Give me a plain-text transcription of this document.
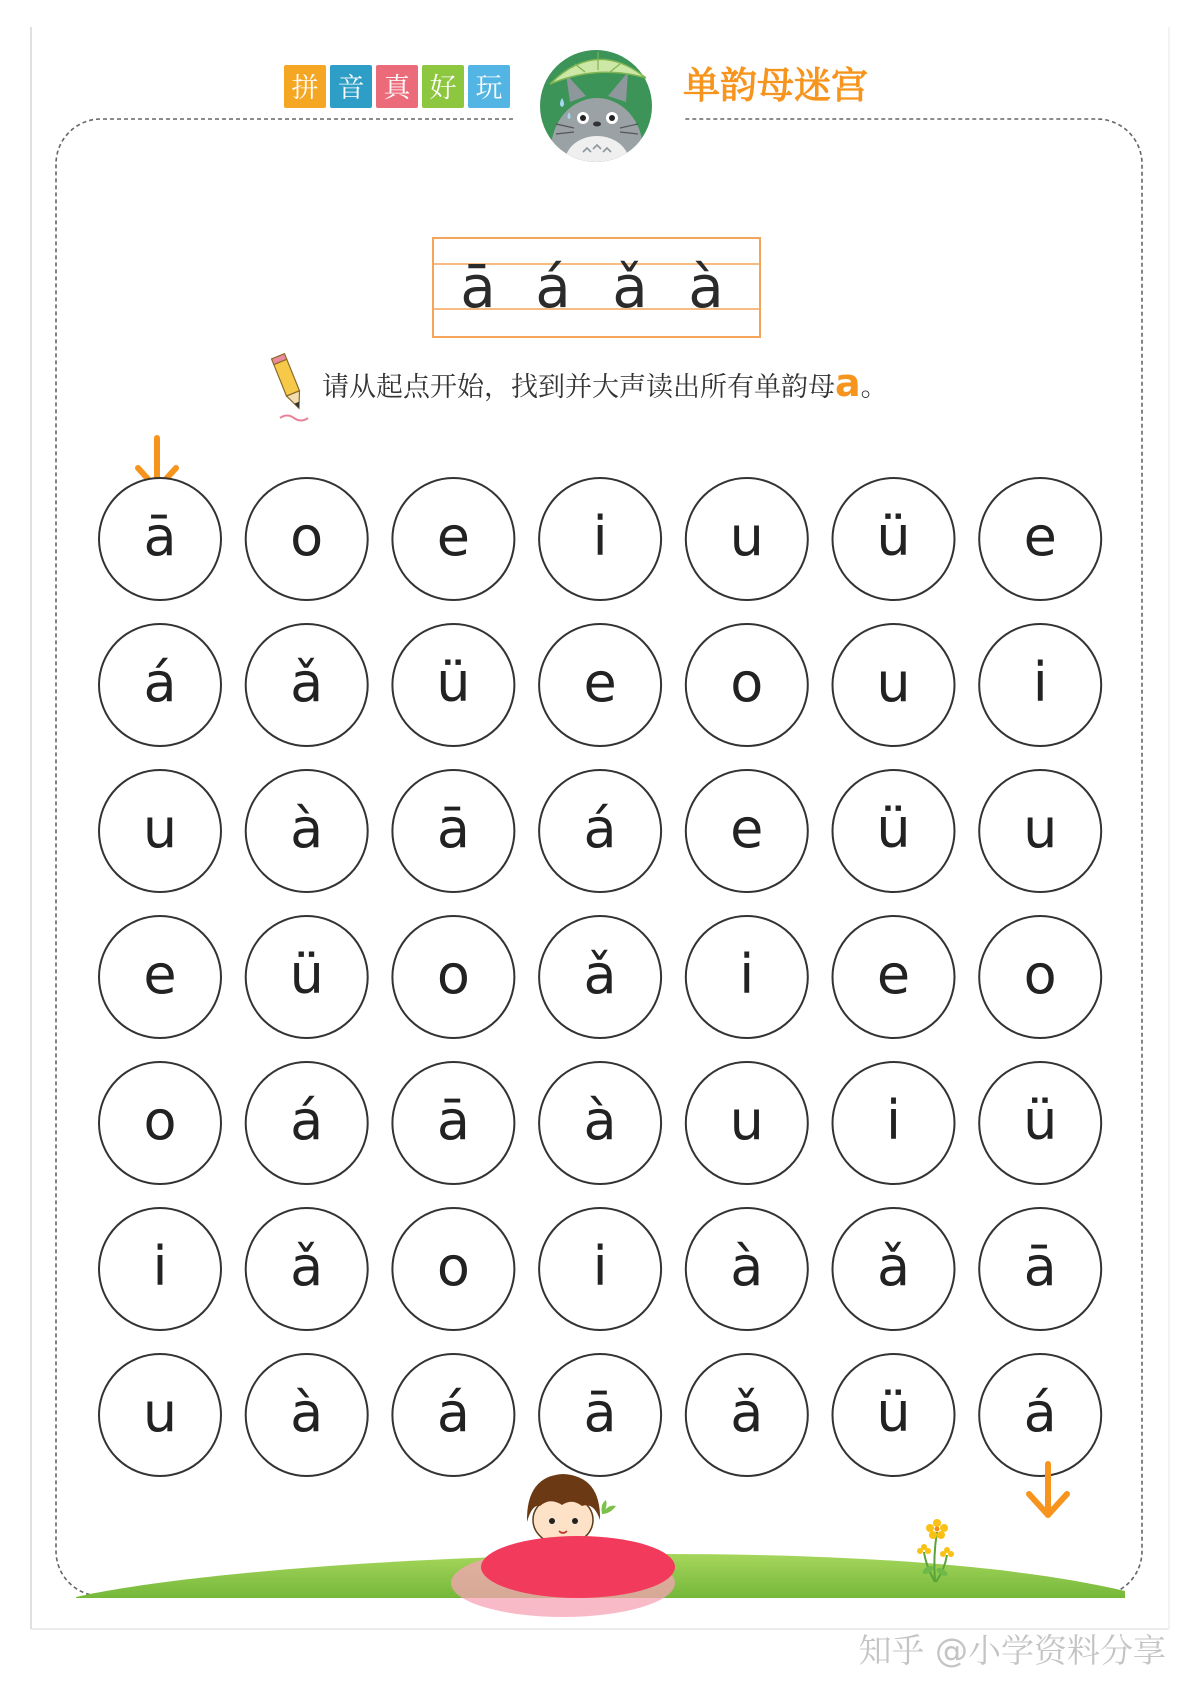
拼 音 真 好 玩	单韵母迷宫
ā á ǎ à
请从起点开始，找到并大声读出所有单韵母a。
ā o e i u ü e
á ǎ ü e o u i
u à ā á e ü u
e ü o ǎ i e o
o á ā à u i ü
i ǎ o i à ǎ ā
u à á ā ǎ ü á
知乎 @小学资料分享
